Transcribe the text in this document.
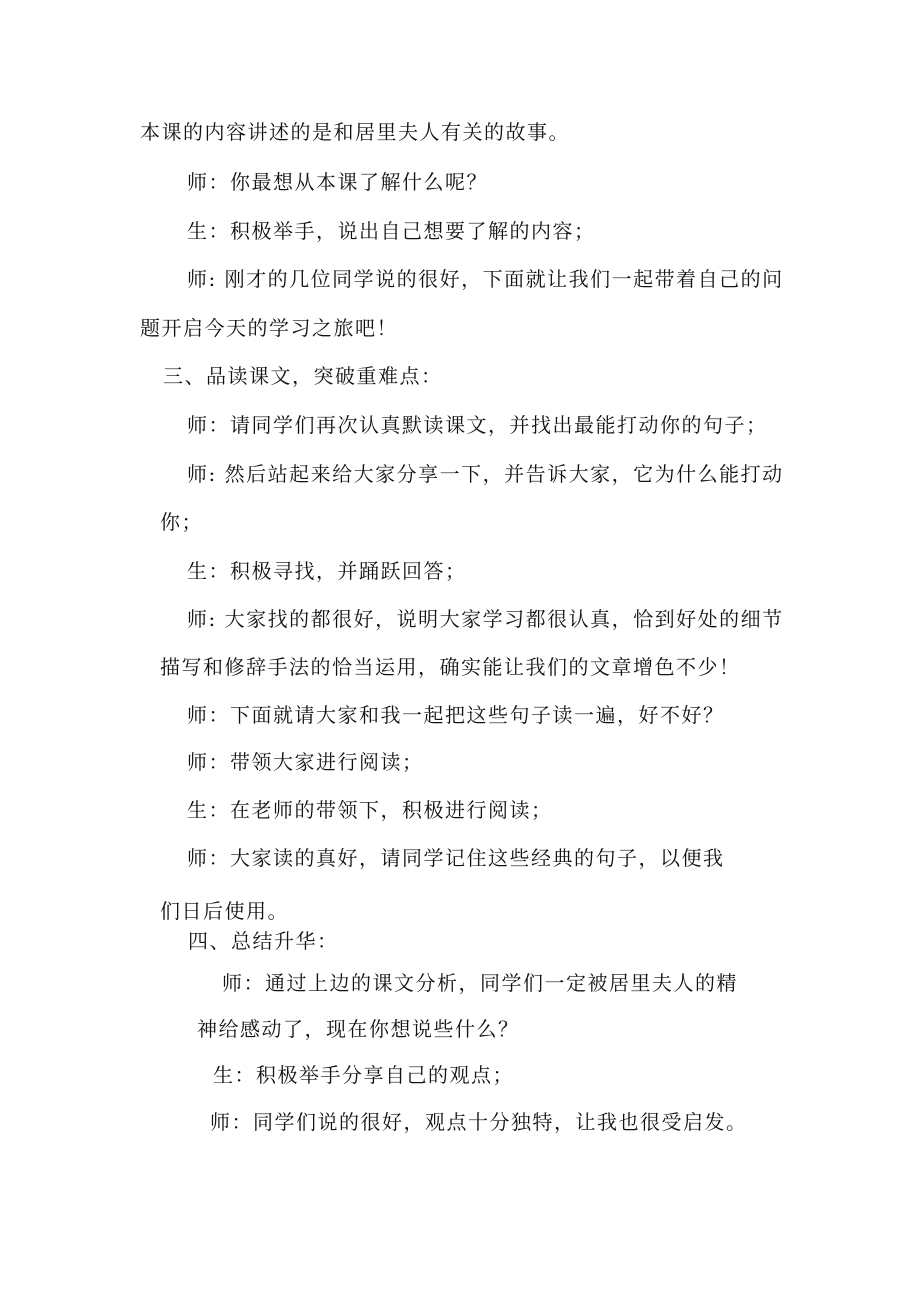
本课的内容讲述的是和居里夫人有关的故事。
师：你最想从本课了解什么呢？
生：积极举手，说出自己想要了解的内容；
师: 刚才的几位同学说的很好，下面就让我们一起带着自己的问
题开启今天的学习之旅吧！
三、品读课文，突破重难点：
师：请同学们再次认真默读课文，并找出最能打动你的句子；
师: 然后站起来给大家分享一下，并告诉大家，它为什么能打动
你；
生：积极寻找，并踊跃回答；
师: 大家找的都很好，说明大家学习都很认真，恰到好处的细节
描写和修辞手法的恰当运用，确实能让我们的文章增色不少！
师：下面就请大家和我一起把这些句子读一遍，好不好？
师：带领大家进行阅读；
生：在老师的带领下，积极进行阅读；
师：大家读的真好，请同学记住这些经典的句子，以便我
们日后使用。
四、总结升华：
师：通过上边的课文分析，同学们一定被居里夫人的精
神给感动了，现在你想说些什么？
生：积极举手分享自己的观点；
师：同学们说的很好，观点十分独特，让我也很受启发。
